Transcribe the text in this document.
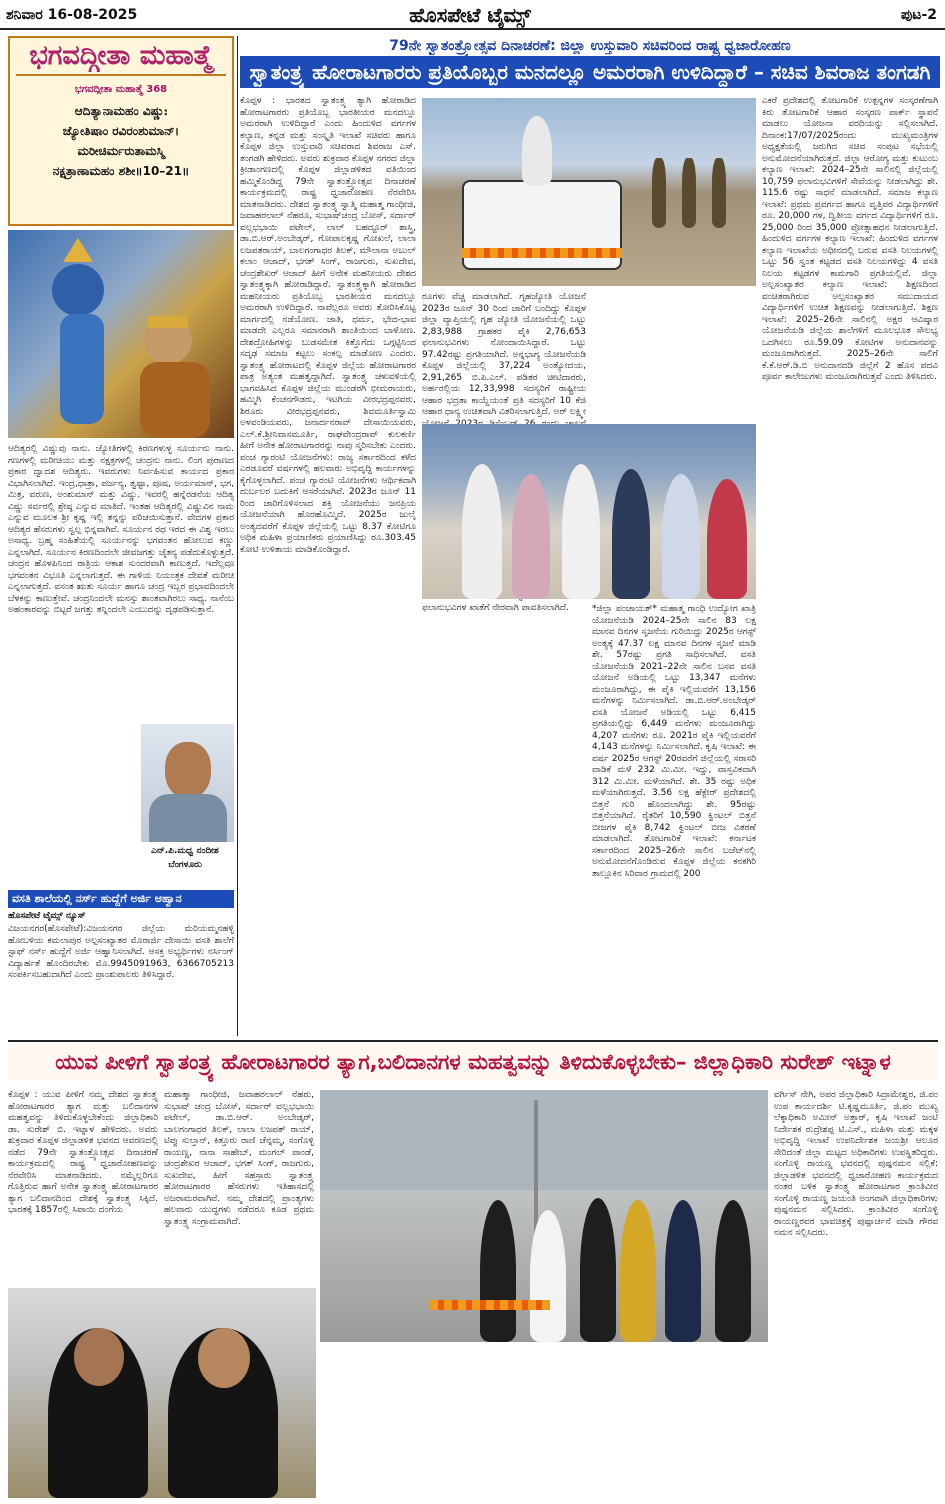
ಶನಿವಾರ 16-08-2025	ಹೊಸಪೇಟೆ ಟೈಮ್ಸ್	ಪುಟ-2
ಭಗವದ್ಗೀತಾ ಮಹಾತ್ಮೆ
ಭಗವದ್ಗೀತಾ ಮಹಾತ್ಮೆ 368
ಆದಿತ್ಯಾನಾಮಹಂ ವಿಷ್ಣುಃ
ಜ್ಯೋತಿಷಾಂ ರವಿರಂಶುಮಾನ್।
ಮರೀಚಿರ್ಮರುತಾಮಸ್ಮಿ
ನಕ್ಷತ್ರಾಣಾಮಹಂ ಶಶೀ॥10–21॥
ಆದಿತ್ಯರಲ್ಲಿ ವಿಷ್ಣುವು ನಾನು. ಜ್ಯೋತಿಗಳಲ್ಲಿ ಕಿರಣಗಳುಳ್ಳ ಸೂರ್ಯನು ನಾನು. ಗಣಗಳಲ್ಲಿ ಮರೀಚಿಯು ಮತ್ತು ನಕ್ಷತ್ರಗಳಲ್ಲಿ ಚಂದ್ರನು ನಾನು. ಲಿಂಗ ಪುರಾಣದ ಪ್ರಕಾರ ದ್ವಾದಶ ಆದಿತ್ಯರು. ಇವರುಗಳು ನಿರ್ವಹಿಸುವ ಕಾರ್ಯದ ಪ್ರಕಾರ ವಿಭಾಗಿಸಲಾಗಿದೆ. ಇಂದ್ರ,ಧಾತ್ರಾ, ಪರ್ಜನ್ಯ, ತ್ವಷ್ಟಾ, ಪೂಷ, ಅರ್ಯಮಾನ್, ಭಗ, ಮಿತ್ರ, ವರುಣ, ಅಂಶುಮಾನ್ ಮತ್ತು ವಿಷ್ಣು. ಇವರಲ್ಲಿ ಹನ್ನೆರಡನೆಯ ಆದಿತ್ಯ ವಿಷ್ಣು ಸರ್ವರಲ್ಲಿ ಶ್ರೇಷ್ಠ ಎನ್ನುವ ಮಾತಿದೆ. ಇಂತಹ ಆದಿತ್ಯರಲ್ಲಿ ವಿಷ್ಣುವಿನ ನಾಮ ಎನ್ನುವ ಮೂಲಕ ಶ್ರೀ ಕೃಷ್ಣ ಇಲ್ಲಿ ತನ್ನನ್ನು ಪರಿಚಯಿಸುತ್ತಾನೆ. ವೇದಗಳ ಪ್ರಕಾರ ಆದಿತ್ಯರ ಹೆಸರುಗಳು ಸ್ವಲ್ಪ ಭಿನ್ನವಾಗಿವೆ. ಸೂರ್ಯನ ರಥ ಇರದ ಈ ವಿಶ್ವ ಇರಲು ಅಸಾಧ್ಯ. ಬ್ರಹ್ಮ ಸಂಹಿತೆಯಲ್ಲಿ ಸೂರ್ಯನನ್ನು ಭಗವಂತನ ಹೋಲುವ ಕಣ್ಣು ಎನ್ನಲಾಗಿದೆ. ಸೂರ್ಯನ ಕಿರಣದಿಂದಲೇ ಜೀವಜಗತ್ತು ಚೈತನ್ಯ ಪಡೆದುಕೊಳ್ಳುತ್ತದೆ. ಚಂದ್ರನ ಹೊಳಪಿನಿಂದ ರಾತ್ರಿಯ ಆಕಾಶ ಸುಂದರವಾಗಿ ಕಾಣುತ್ತದೆ. ಇದೆಲ್ಲವೂ ಭಗವಂತನ ವಿಭೂತಿ ಎನ್ನಲಾಗುತ್ತದೆ. ಈ ಗಾಳಿಯ ನಿಯಂತ್ರಕ ದೇವತೆ ಮರೀಚಿ ಎನ್ನಲಾಗುತ್ತದೆ. ವಸಂತ ಋತು ಸೂರ್ಯ ಹಾಗೂ ಚಂದ್ರ ಇಬ್ಬರ ಪ್ರಭಾವದಿಂದಲೇ ಬೆಳಕನ್ನು ಕಾಣುತ್ತೇವೆ. ಚಂದ್ರನಿಂದಲೇ ಮನಸ್ಸು ಶಾಂತವಾಗಿರಲು ಸಾಧ್ಯ. ನಾನೆಂಬ ಅಹಂಕಾರವನ್ನು ಬಿಟ್ಟರೆ ಜಗತ್ತು ತನ್ನಿಂದಲೇ ಎಂಬುದನ್ನು ದೃಢಪಡಿಸುತ್ತಾನೆ.
ಎನ್.ಪಿ.ಮಧ್ವ ನಂದೀಶ
ಬೆಂಗಳೂರು
ವಸತಿ ಶಾಲೆಯಲ್ಲಿ ನರ್ಸ್ ಹುದ್ದೆಗೆ ಅರ್ಜಿ ಆಹ್ವಾನ
ಹೊಸಪೇಟೆ ಟೈಮ್ಸ್ ನ್ಯೂಸ್
ವಿಜಯನಗರ(ಹೊಸಪೇಟೆ):ವಿಜಯನಗರ ಜಿಲ್ಲೆಯ ಮರಿಯಮ್ಮನಹಳ್ಳಿ ಹೋಬಳಿಯ ಕಮಲಾಪುರ ಅಲ್ಪಸಂಖ್ಯಾತರ ಮೊರಾರ್ಜಿ ದೇಸಾಯಿ ವಸತಿ ಶಾಲೆಗೆ ಸ್ಟಾಫ್ ನರ್ಸ್ ಹುದ್ದೆಗೆ ಅರ್ಜಿ ಆಹ್ವಾನಿಸಲಾಗಿದೆ. ಆಸಕ್ತ ಅಭ್ಯರ್ಥಿಗಳು ನರ್ಸಿಂಗ್ ವಿದ್ಯಾರ್ಹತೆ ಹೊಂದಿರಬೇಕು ಮೊ.9945091963, 6366705213 ಸಂಪರ್ಕಿಸಬಹುದಾಗಿದೆ ಎಂದು ಪ್ರಾಂಶುಪಾಲರು ತಿಳಿಸಿದ್ದಾರೆ.
79ನೇ ಸ್ವಾತಂತ್ರ್ಯೋತ್ಸವ ದಿನಾಚರಣೆ: ಜಿಲ್ಲಾ ಉಸ್ತುವಾರಿ ಸಚಿವರಿಂದ ರಾಷ್ಟ್ರ ಧ್ವಜಾರೋಹಣ
ಸ್ವಾತಂತ್ರ್ಯ ಹೋರಾಟಗಾರರು ಪ್ರತಿಯೊಬ್ಬರ ಮನದಲ್ಲೂ ಅಮರರಾಗಿ ಉಳಿದಿದ್ದಾರೆ – ಸಚಿವ ಶಿವರಾಜ ತಂಗಡಗಿ
ಕೊಪ್ಪಳ : ಭಾರತದ ಸ್ವಾತಂತ್ರ್ಯ ತ್ಯಾಗಿ ಹೋರಾಡಿದ ಹೋರಾಟಗಾರರು ಪ್ರತಿಯೊಬ್ಬ ಭಾರತೀಯರ ಮನದಲ್ಲೂ ಅಮರರಾಗಿ ಉಳಿದಿದ್ದಾರೆ ಎಂದು ಹಿಂದುಳಿದ ವರ್ಗಗಳ ಕಲ್ಯಾಣ, ಕನ್ನಡ ಮತ್ತು ಸಂಸ್ಕೃತಿ ಇಲಾಖೆ ಸಚಿವರು ಹಾಗೂ ಕೊಪ್ಪಳ ಜಿಲ್ಲಾ ಉಸ್ತುವಾರಿ ಸಚಿವರಾದ ಶಿವರಾಜ ಎಸ್. ತಂಗಡಗಿ ಹೇಳಿದರು. ಅವರು ಶುಕ್ರವಾರ ಕೊಪ್ಪಳ ನಗರದ ಜಿಲ್ಲಾ ಕ್ರೀಡಾಂಗಣದಲ್ಲಿ ಕೊಪ್ಪಳ ಜಿಲ್ಲಾಡಳಿತದ ವತಿಯಿಂದ ಹಮ್ಮಿಕೊಂಡಿದ್ದ 79ನೇ ಸ್ವಾತಂತ್ರ್ಯೋತ್ಸವ ದಿನಾಚರಣೆ ಕಾರ್ಯಕ್ರಮದಲ್ಲಿ ರಾಷ್ಟ್ರ ಧ್ವಜಾರೋಹಣ ನೆರವೇರಿಸಿ ಮಾತನಾಡಿದರು. ದೇಶದ ಸ್ವಾತಂತ್ರ್ಯ ಸ್ವಾತ್ಮಿ ಮಹಾತ್ಮ ಗಾಂಧೀಜಿ, ಜವಾಹರಲಾಲ್ ನೆಹರೂ, ಸುಭಾಷ್‌ಚಂದ್ರ ಬೋಸ್, ಸರ್ದಾರ್ ವಲ್ಲಭಭಾಯಿ ಪಟೇಲ್, ಲಾಲ್ ಬಹದ್ದೂರ್ ಶಾಸ್ತ್ರಿ, ಡಾ.ಬಿ.ಆರ್.ಅಂಬೇಡ್ಕರ್, ಗೋಪಾಲಕೃಷ್ಣ ಗೋಖಲೆ, ಲಾಲಾ ಲಜಪತರಾಯ್, ಬಾಲಗಂಗಾಧರ ತಿಲಕ್, ಮೌಲಾನಾ ಅಬುಲ್ ಕಲಾಂ ಆಜಾದ್, ಭಗತ್ ಸಿಂಗ್, ರಾಜಗುರು, ಸುಖದೇವ, ಚಂದ್ರಶೇಖರ್ ಆಜಾದ್ ಹೀಗೆ ಅನೇಕ ಮಹನೀಯರು ದೇಶದ ಸ್ವಾತಂತ್ರ್ಯಕ್ಕಾಗಿ ಹೋರಾಡಿದ್ದಾರೆ. ಸ್ವಾತಂತ್ರ್ಯಕ್ಕಾಗಿ ಹೋರಾಡಿದ ಮಹನೀಯರು ಪ್ರತಿಯೊಬ್ಬ ಭಾರತೀಯರ ಮನದಲ್ಲೂ ಅಮರರಾಗಿ ಉಳಿದಿದ್ದಾರೆ. ನಾವೆಲ್ಲರೂ ಅವರು ತೋರಿಸಿಕೊಟ್ಟ ಮಾರ್ಗದಲ್ಲಿ ನಡೆಯೋಣ. ಜಾತಿ, ಧರ್ಮ, ಭೇದ-ಭಾವ ಮಾಡದೇ ಎಲ್ಲರೂ ಸಮಾನರಾಗಿ ಶಾಂತಿಯಿಂದ ಬಾಳೋಣ. ದೇಶದ್ರೋಹಿಗಳನ್ನು ಬುಡಸಮೇತ ಕಿತ್ತೊಗೆದು ಒಗ್ಗಟ್ಟಿನಿಂದ ಸದೃಢ ಸಮಾಜ ಕಟ್ಟಲು ಸಂಕಲ್ಪ ಮಾಡೋಣ ಎಂದರು. ಸ್ವಾತಂತ್ರ್ಯ ಹೋರಾಟದಲ್ಲಿ ಕೊಪ್ಪಳ ಜಿಲ್ಲೆಯ ಹೋರಾಟಗಾರರ ಪಾತ್ರ ಅತ್ಯಂತ ಮಹತ್ವದ್ದಾಗಿದೆ. ಸ್ವಾತಂತ್ರ್ಯ ಚಳುವಳಿಯಲ್ಲಿ ಭಾಗವಹಿಸಿದ ಕೊಪ್ಪಳ ಜಿಲ್ಲೆಯ ಮುಂಡರಗಿ ಭೀಮರಾಯರು, ಹಮ್ಮಿಗಿ ಕೆಂಚನಗೌಡರು, ಇಟಗಿಯ ವೀರಭದ್ರಪ್ಪನವರು, ಶಿರೂರು ವೀರಭದ್ರಪ್ಪನವರು, ಶಿವಮೂರ್ತಿಸ್ವಾಮಿ ಅಳವಂಡಿಯವರು, ಜನಾರ್ದನರಾವ್ ದೇಸಾಯಿಯವರು, ಎಲ್.ಕೆ.ಶ್ರೀನಿವಾಸಮೂರ್ತಿ, ರಾಘವೇಂದ್ರರಾವ್ ಕುಲಕರ್ಣಿ ಹೀಗೆ ಅನೇಕ ಹೋರಾಟಗಾರರನ್ನು ನಾವು ಸ್ಮರಿಸಬೇಕು ಎಂದರು. ಪಂಚ ಗ್ಯಾರಂಟಿ ಯೋಜನೆಗಳು: ರಾಜ್ಯ ಸರ್ಕಾರದಿಂದ ಕಳೆದ ಎರಡೂವರೆ ವರ್ಷಗಳಲ್ಲಿ ಹಲವಾರು ಅಭಿವೃದ್ಧಿ ಕಾರ್ಯಗಳನ್ನು ಕೈಗೊಳ್ಳಲಾಗಿದೆ. ಪಂಚ ಗ್ಯಾರಂಟಿ ಯೋಜನೆಗಳು ಆರ್ಥಿಕವಾಗಿ ದುರ್ಬಲರ ಬದುಕಿಗೆ ಆಸರೆಯಾಗಿವೆ. 2023ರ ಜೂನ್ 11 ರಿಂದ ಜಾರಿಗೊಳಿಸಲಾದ ಶಕ್ತಿ ಯೋಜನೆಯು ಜನಪ್ರಿಯ ಯೋಜನೆಯಾಗಿ ಹೊರಹೊಮ್ಮಿದೆ. 2025ರ ಜುಲೈ ಅಂತ್ಯದವರೆಗೆ ಕೊಪ್ಪಳ ಜಿಲ್ಲೆಯಲ್ಲಿ ಒಟ್ಟು 8.37 ಕೋಟಿಗೂ ಅಧಿಕ ಮಹಿಳಾ ಪ್ರಯಾಣಿಕರು ಪ್ರಯಾಣಿಸಿದ್ದು ರೂ.303.45 ಕೋಟಿ ಉಳಿತಾಯ ಮಾಡಿಕೊಂಡಿದ್ದಾರೆ.
ರೂಗಳು ವೆಚ್ಚ ಮಾಡಲಾಗಿದೆ. ಗೃಹಜ್ಯೋತಿ ಯೋಜನೆ 2023ರ ಜೂನ್ 30 ರಿಂದ ಜಾರಿಗೆ ಬಂದಿದ್ದು ಕೊಪ್ಪಳ ಜಿಲ್ಲಾ ವ್ಯಾಪ್ತಿಯಲ್ಲಿ ಗೃಹ ಜ್ಯೋತಿ ಯೋಜನೆಯಲ್ಲಿ ಒಟ್ಟು 2,83,988 ಗ್ರಾಹಕರ ಪೈಕಿ 2,76,653 ಫಲಾನುಭವಿಗಳು ನೋಂದಾಯಿಸಿದ್ದಾರೆ. ಒಟ್ಟು 97.42ರಷ್ಟು ಪ್ರಗತಿಯಾಗಿದೆ. ಅನ್ನಭಾಗ್ಯ ಯೋಜನೆಯಡಿ ಕೊಪ್ಪಳ ಜಿಲ್ಲೆಯಲ್ಲಿ 37,224 ಅಂತ್ಯೋದಯ, 2,91,265 ಬಿ.ಪಿ.ಎಲ್. ಪಡಿತರ ಚೀಟಿದಾರರು, ಅರ್ಹರಲ್ಲಿಯ 12,33,998 ಸದಸ್ಯರಿಗೆ ರಾಷ್ಟ್ರೀಯ ಆಹಾರ ಭದ್ರತಾ ಕಾಯ್ದೆಯಂತೆ ಪ್ರತಿ ಸದಸ್ಯರಿಗೆ 10 ಕೆಜಿ ಆಹಾರ ಧಾನ್ಯ ಉಚಿತವಾಗಿ ವಿತರಿಸಲಾಗುತ್ತಿದೆ. ಅರ್ ಲಕ್ಷ್ಮೀ ಫಲಾನುಭವಿಗಳ ಖಾತೆಗೆ ನೇರವಾಗಿ ಪಾವತಿಸಲಾಗಿದೆ.	*ಜಿಲ್ಲಾ ಪಂಚಾಯತ್* ಮಹಾತ್ಮ ಗಾಂಧಿ ಉದ್ಯೋಗ ಖಾತ್ರಿ ಯೋಜನೆಯಡಿ 2024–25ನೇ ಸಾಲಿನ 83 ಲಕ್ಷ ಮಾನವ ದಿನಗಳ ಸೃಜನೆಯ ಗುರಿಯಿದ್ದು 2025ರ ಆಗಸ್ಟ್ ಅಂತ್ಯಕ್ಕೆ 47.37 ಲಕ್ಷ ಮಾನವ ದಿನಗಳ ಸೃಜನೆ ಮಾಡಿ ಶೇ. 57ರಷ್ಟು ಪ್ರಗತಿ ಸಾಧಿಸಲಾಗಿದೆ. ವಸತಿ ಯೋಜನೆಯಡಿ 2021–22ನೇ ಸಾಲಿನ ಬಸವ ವಸತಿ ಯೋಜನೆ ಅಡಿಯಲ್ಲಿ ಒಟ್ಟು 13,347 ಮನೆಗಳು ಮಂಜೂರಾಗಿದ್ದು, ಈ ಪೈಕಿ ಇಲ್ಲಿಯವರೆಗೆ 13,156 ಮನೆಗಳನ್ನು ನಿರ್ಮಿಸಲಾಗಿದೆ. ಡಾ.ಬಿ.ಆರ್.ಅಂಬೇಡ್ಕರ್ ವಸತಿ ಯೋಜನೆ ಅಡಿಯಲ್ಲಿ ಒಟ್ಟು 6,415 ಪ್ರಗತಿಯಲ್ಲಿದ್ದು 6,449 ಮನೆಗಳು ಮಂಜೂರಾಗಿದ್ದು 4,207 ಮನೆಗಳು ರೂ. 2021ರ ಪೈಕಿ ಇಲ್ಲಿಯವರೆಗೆ 4,143 ಮನೆಗಳನ್ನು ನಿರ್ಮಿಸಲಾಗಿದೆ. ಕೃಷಿ ಇಲಾಖೆ: ಈ ವರ್ಷ 2025ರ ಆಗಸ್ಟ್ 20ರವರೆಗೆ ಜಿಲ್ಲೆಯಲ್ಲಿ ಸರಾಸರಿ ವಾಡಿಕೆ ಮಳೆ 232 ಮಿ.ಮೀ. ಇದ್ದು, ವಾಸ್ತವಿಕವಾಗಿ 312 ಮಿ.ಮೀ. ಮಳೆಯಾಗಿದೆ. ಶೇ. 35 ರಷ್ಟು ಅಧಿಕ ಮಳೆಯಾಗಿರುತ್ತದೆ. 3.56 ಲಕ್ಷ ಹೆಕ್ಟೇರ್ ಪ್ರದೇಶದಲ್ಲಿ ಬಿತ್ತನೆ ಗುರಿ ಹೊಂದಲಾಗಿದ್ದು ಶೇ. 95ರಷ್ಟು ಬಿತ್ತನೆಯಾಗಿದೆ. ರೈತರಿಗೆ 10,590 ಕ್ವಿಂಟಲ್ ಬಿತ್ತನೆ ಬೀಜಗಳ ಪೈಕಿ 8,742 ಕ್ವಿಂಟಲ್ ಬೀಜ ವಿತರಣೆ ಮಾಡಲಾಗಿದೆ. ತೋಟಗಾರಿಕೆ ಇಲಾಖೆ: ಕರ್ನಾಟಕ ಸರ್ಕಾರದಿಂದ 2025–26ನೇ ಸಾಲಿನ ಬಜೆಟ್‌ನಲ್ಲಿ ಅನುಮೋದನೆಗೊಂಡಿರುವ ಕೊಪ್ಪಳ ಜಿಲ್ಲೆಯ ಕನಕಗಿರಿ ತಾಲ್ಲೂಕಿನ ಸಿರಿವಾರ ಗ್ರಾಮದಲ್ಲಿ 200
ಎಕರೆ ಪ್ರದೇಶದಲ್ಲಿ ತೋಟಗಾರಿಕೆ ಉತ್ಪನ್ನಗಳ ಸಂಸ್ಕರಣೆಗಾಗಿ ಕಿರು ತೋಟಗಾರಿಕೆ ಆಹಾರ ಸಂಸ್ಕರಣ ಪಾರ್ಕ್ ಸ್ಥಾಪನೆ ಮಾಡಲು ಯೋಜನಾ ವರದಿಯನ್ನು ಸಲ್ಲಿಸಲಾಗಿದೆ. ದಿನಾಂಕ:17/07/2025ರಂದು ಮುಖ್ಯಮಂತ್ರಿಗಳ ಅಧ್ಯಕ್ಷತೆಯಲ್ಲಿ ಜರುಗಿದ ಸಚಿವ ಸಂಪುಟ ಸಭೆಯಲ್ಲಿ ಅನುಮೋದನೆಯಾಗಿರುತ್ತದೆ. ಜಿಲ್ಲಾ ಆರೋಗ್ಯ ಮತ್ತು ಕುಟುಂಬ ಕಲ್ಯಾಣ ಇಲಾಖೆ: 2024–25ನೇ ಸಾಲಿನಲ್ಲಿ ಜಿಲ್ಲೆಯಲ್ಲಿ 10,759 ಫಲಾನುಭವಿಗಳಿಗೆ ಸೇವೆಯನ್ನು ನೀಡಲಾಗಿದ್ದು ಶೇ. 115.6 ರಷ್ಟು ಸಾಧನೆ ಮಾಡಲಾಗಿದೆ. ಸಮಾಜ ಕಲ್ಯಾಣ ಇಲಾಖೆ: ಪ್ರಥಮ ಪ್ರವರ್ಗದ ಹಾಗೂ ವೃತ್ತಿಪರ ವಿದ್ಯಾರ್ಥಿಗಳಿಗೆ ರೂ. 20,000 ಗಳ, ದ್ವಿತೀಯ ವರ್ಗದ ವಿದ್ಯಾರ್ಥಿಗಳಿಗೆ ರೂ. 25,000 ರಿಂದ 35,000 ಪ್ರೋತ್ಸಾಹಧನ ನೀಡಲಾಗುತ್ತಿದೆ. ಹಿಂದುಳಿದ ವರ್ಗಗಳ ಕಲ್ಯಾಣ ಇಲಾಖೆ: ಹಿಂದುಳಿದ ವರ್ಗಗಳ ಕಲ್ಯಾಣ ಇಲಾಖೆಯ ಅಧೀನದಲ್ಲಿ ಬರುವ ವಸತಿ ನಿಲಯಗಳಲ್ಲಿ ಒಟ್ಟು 56 ಸ್ವಂತ ಕಟ್ಟಡದ ವಸತಿ ನಿಲಯಗಳಿದ್ದು 4 ವಸತಿ ನಿಲಯ ಕಟ್ಟಡಗಳ ಕಾಮಗಾರಿ ಪ್ರಗತಿಯಲ್ಲಿವೆ. ಜಿಲ್ಲಾ ಅಲ್ಪಸಂಖ್ಯಾತರ ಕಲ್ಯಾಣ ಇಲಾಖೆ: ಶಿಕ್ಷಣದಿಂದ ವಂಚಿತರಾಗಿರುವ ಅಲ್ಪಸಂಖ್ಯಾತರ ಸಮುದಾಯದ ವಿದ್ಯಾರ್ಥಿಗಳಿಗೆ ಉಚಿತ ಶಿಕ್ಷಣವನ್ನು ನೀಡಲಾಗುತ್ತಿದೆ. ಶಿಕ್ಷಣ ಇಲಾಖೆ: 2025–26ನೇ ಸಾಲಿನಲ್ಲಿ ಅಕ್ಷರ ಆವಿಷ್ಕಾರ ಯೋಜನೆಯಡಿ ಜಿಲ್ಲೆಯ ಶಾಲೆಗಳಿಗೆ ಮೂಲಭೂತ ಸೌಲಭ್ಯ ಒದಗಿಸಲು ರೂ.59.09 ಕೋಟಿಗಳ ಅನುದಾನವನ್ನು ಮಂಜೂರಾಗಿರುತ್ತದೆ. 2025–26ನೇ ಸಾಲಿಗೆ ಕೆ.ಕೆ.ಆರ್.ಡಿ.ಬಿ ಅನುದಾನದಡಿ ಜಿಲ್ಲೆಗೆ 2 ಹೊಸ ಪದವಿ ಪೂರ್ವ ಕಾಲೇಜುಗಳು ಮಂಜೂರಾಗಿರುತ್ತವೆ ಎಂದು ತಿಳಿಸಿದರು.
ಯುವ ಪೀಳಿಗೆ ಸ್ವಾತಂತ್ರ್ಯ ಹೋರಾಟಗಾರರ ತ್ಯಾಗ,ಬಲಿದಾನಗಳ ಮಹತ್ವವನ್ನು ತಿಳಿದುಕೊಳ್ಳಬೇಕು– ಜಿಲ್ಲಾಧಿಕಾರಿ ಸುರೇಶ್ ಇಟ್ನಾಳ
ಕೊಪ್ಪಳ : ಯುವ ಪೀಳಿಗೆ ನಮ್ಮ ದೇಶದ ಸ್ವಾತಂತ್ರ್ಯ ಹೋರಾಟಗಾರರ ತ್ಯಾಗ ಮತ್ತು ಬಲಿದಾನಗಳ ಮಹತ್ವವನ್ನು ತಿಳಿದುಕೊಳ್ಳಬೇಕೆಂದು ಜಿಲ್ಲಾಧಿಕಾರಿ ಡಾ. ಸುರೇಶ್ ಬಿ. ಇಟ್ನಾಳ ಹೇಳಿದರು. ಅವರು ಶುಕ್ರವಾರ ಕೊಪ್ಪಳ ಜಿಲ್ಲಾಡಳಿತ ಭವನದ ಆವರಣದಲ್ಲಿ ನಡೆದ 79ನೇ ಸ್ವಾತಂತ್ರ್ಯೋತ್ಸವ ದಿನಾಚರಣೆ ಕಾರ್ಯಕ್ರಮದಲ್ಲಿ ರಾಷ್ಟ್ರ ಧ್ವಜಾರೋಹಣವನ್ನು ನೆರವೇರಿಸಿ ಮಾತನಾಡಿದರು. ನಮ್ಮೆಲ್ಲರಿಗೂ ಗೊತ್ತಿರುವ ಹಾಗೆ ಅನೇಕ ಸ್ವಾತಂತ್ರ್ಯ ಹೋರಾಟಗಾರರ ತ್ಯಾಗ ಬಲಿದಾನದಿಂದ ದೇಶಕ್ಕೆ ಸ್ವಾತಂತ್ರ್ಯ ಸಿಕ್ಕಿದೆ. ಭಾರತಕ್ಕೆ 1857ರಲ್ಲಿ ಸಿಪಾಯಿ ದಂಗೆಯ
ಮಹಾತ್ಮಾ ಗಾಂಧೀಜಿ, ಜವಾಹರಲಾಲ್ ನೆಹರು, ಸುಭಾಷ್ ಚಂದ್ರ ಬೋಸ್, ಸರ್ದಾರ್ ವಲ್ಲಭಭಾಯಿ ಪಟೇಲ್, ಡಾ.ಬಿ.ಆರ್. ಅಂಬೇಡ್ಕರ್, ಬಾಲಗಂಗಾಧರ ತಿಲಕ್, ಲಾಲಾ ಲಜಪತ್ ರಾಯ್, ಟಿಪ್ಪು ಸುಲ್ತಾನ್, ಕಿತ್ತೂರು ರಾಣಿ ಚೆನ್ನಮ್ಮ, ಸಂಗೊಳ್ಳಿ ರಾಯಣ್ಣ, ನಾನಾ ಸಾಹೇಬ್, ಮಂಗಲ್ ಪಾಂಡೆ, ಚಂದ್ರಶೇಖರ ಆಜಾದ್, ಭಗತ್ ಸಿಂಗ್, ರಾಜಗುರು, ಸುಖದೇವ, ಹೀಗೆ ಸಹಸ್ರಾರು ಸ್ವಾತಂತ್ರ್ಯ ಹೋರಾಟಗಾರರ ಹೆಸರುಗಳು ಇತಿಹಾಸದಲ್ಲಿ ಅಜರಾಮರವಾಗಿವೆ. ನಮ್ಮ ದೇಶದಲ್ಲಿ ಪ್ರಾಂತ್ಯಗಳು ಹಲವಾರು ಯುದ್ಧಗಳು ನಡೆದರೂ ಕೂಡ ಪ್ರಥಮ ಸ್ವಾತಂತ್ರ್ಯ ಸಂಗ್ರಾಮವಾಗಿದೆ.
ವರ್ಗಿಸ್ ನೇಗಿ, ಅಪರ ಜಿಲ್ಲಾಧಿಕಾರಿ ಸಿದ್ರಾಮೇಶ್ವರ, ಜಿ.ಪಂ ಉಪ ಕಾರ್ಯದರ್ಶಿ ಟಿ.ಕೃಷ್ಣಮೂರ್ತಿ, ಜಿ.ಪಂ ಮುಖ್ಯ ಲೆಕ್ಕಾಧಿಕಾರಿ ಅಮೀನ್ ಅತ್ತಾರ್, ಕೃಷಿ ಇಲಾಖೆ ಜಂಟಿ ನಿರ್ದೇಶಕ ರುದ್ರೇಶಪ್ಪ ಟಿ.ಎಸ್., ಮಹಿಳಾ ಮತ್ತು ಮಕ್ಕಳ ಅಭಿವೃದ್ಧಿ ಇಲಾಖೆ ಉಪನಿರ್ದೇಶಕ ಜಯಶ್ರೀ ಆಲೂರ ಸೇರಿದಂತೆ ಜಿಲ್ಲಾ ಮಟ್ಟದ ಅಧಿಕಾರಿಗಳು ಉಪಸ್ಥಿತರಿದ್ದರು. ಸಂಗೊಳ್ಳಿ ರಾಯಣ್ಣ ಭವನದಲ್ಲಿ ಪುಷ್ಪನಮನ ಸಲ್ಲಿಕೆ: ಜಿಲ್ಲಾಡಳಿತ ಭವನದಲ್ಲಿ ಧ್ವಜಾರೋಹಣ ಕಾರ್ಯಕ್ರಮದ ನಂತರ ಬಳಿಕ ಸ್ವಾತಂತ್ರ್ಯ ಹೋರಾಟಗಾರ ಕ್ರಾಂತಿವೀರ ಸಂಗೊಳ್ಳಿ ರಾಯಣ್ಣ ಜಯಂತಿ ಅಂಗವಾಗಿ ಜಿಲ್ಲಾಧಿಕಾರಿಗಳು ಪುಷ್ಪನಮನ ಸಲ್ಲಿಸಿದರು. ಕ್ರಾಂತಿವೀರ ಸಂಗೊಳ್ಳಿ ರಾಯಣ್ಣರವರ ಭಾವಚಿತ್ರಕ್ಕೆ ಪುಷ್ಪಾರ್ಚನೆ ಮಾಡಿ ಗೌರವ ನಮನ ಸಲ್ಲಿಸಿದರು.
